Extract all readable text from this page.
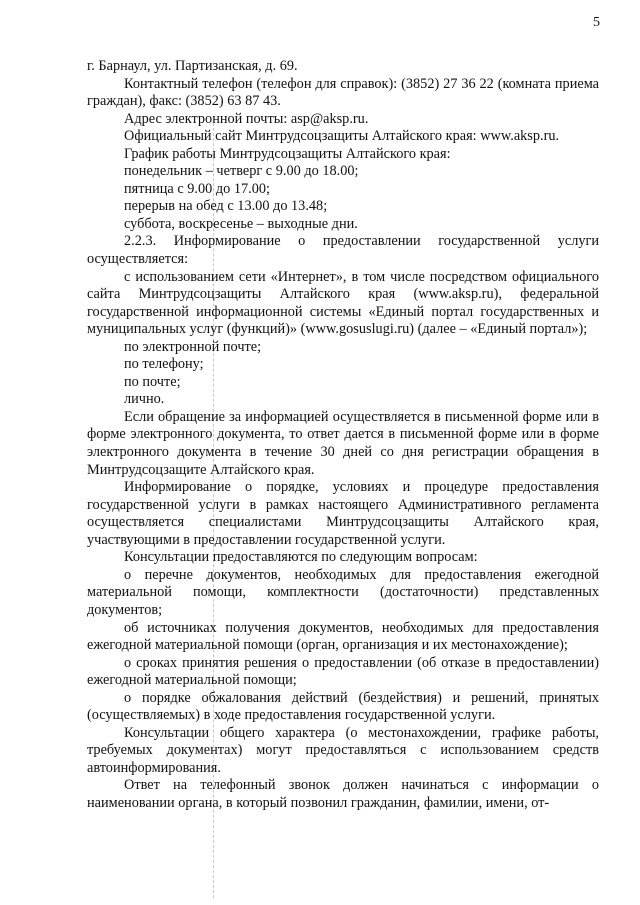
5

г. Барнаул, ул. Партизанская, д. 69.

Контактный телефон (телефон для справок): (3852) 27 36 22 (комната приема граждан), факс: (3852) 63 87 43.

Адрес электронной почты: asp@aksp.ru.

Официальный сайт Минтрудсоцзащиты Алтайского края: www.aksp.ru.

График работы Минтрудсоцзащиты Алтайского края:

понедельник – четверг с 9.00 до 18.00;

пятница с 9.00 до 17.00;

перерыв на обед с 13.00 до 13.48;

суббота, воскресенье – выходные дни.

2.2.3. Информирование о предоставлении государственной услуги осуществляется:

с использованием сети «Интернет», в том числе посредством официального сайта Минтрудсоцзащиты Алтайского края (www.aksp.ru), федеральной государственной информационной системы «Единый портал государственных и муниципальных услуг (функций)» (www.gosuslugi.ru) (далее – «Единый портал»);

по электронной почте;

по телефону;

по почте;

лично.

Если обращение за информацией осуществляется в письменной форме или в форме электронного документа, то ответ дается в письменной форме или в форме электронного документа в течение 30 дней со дня регистрации обращения в Минтрудсоцзащите Алтайского края.

Информирование о порядке, условиях и процедуре предоставления государственной услуги в рамках настоящего Административного регламента осуществляется специалистами Минтрудсоцзащиты Алтайского края, участвующими в предоставлении государственной услуги.

Консультации предоставляются по следующим вопросам:

о перечне документов, необходимых для предоставления ежегодной материальной помощи, комплектности (достаточности) представленных документов;

об источниках получения документов, необходимых для предоставления ежегодной материальной помощи (орган, организация и их местонахождение);

о сроках принятия решения о предоставлении (об отказе в предоставлении) ежегодной материальной помощи;

о порядке обжалования действий (бездействия) и решений, принятых (осуществляемых) в ходе предоставления государственной услуги.

Консультации общего характера (о местонахождении, графике работы, требуемых документах) могут предоставляться с использованием средств автоинформирования.

Ответ на телефонный звонок должен начинаться с информации о наименовании органа, в который позвонил гражданин, фамилии, имени, от-
